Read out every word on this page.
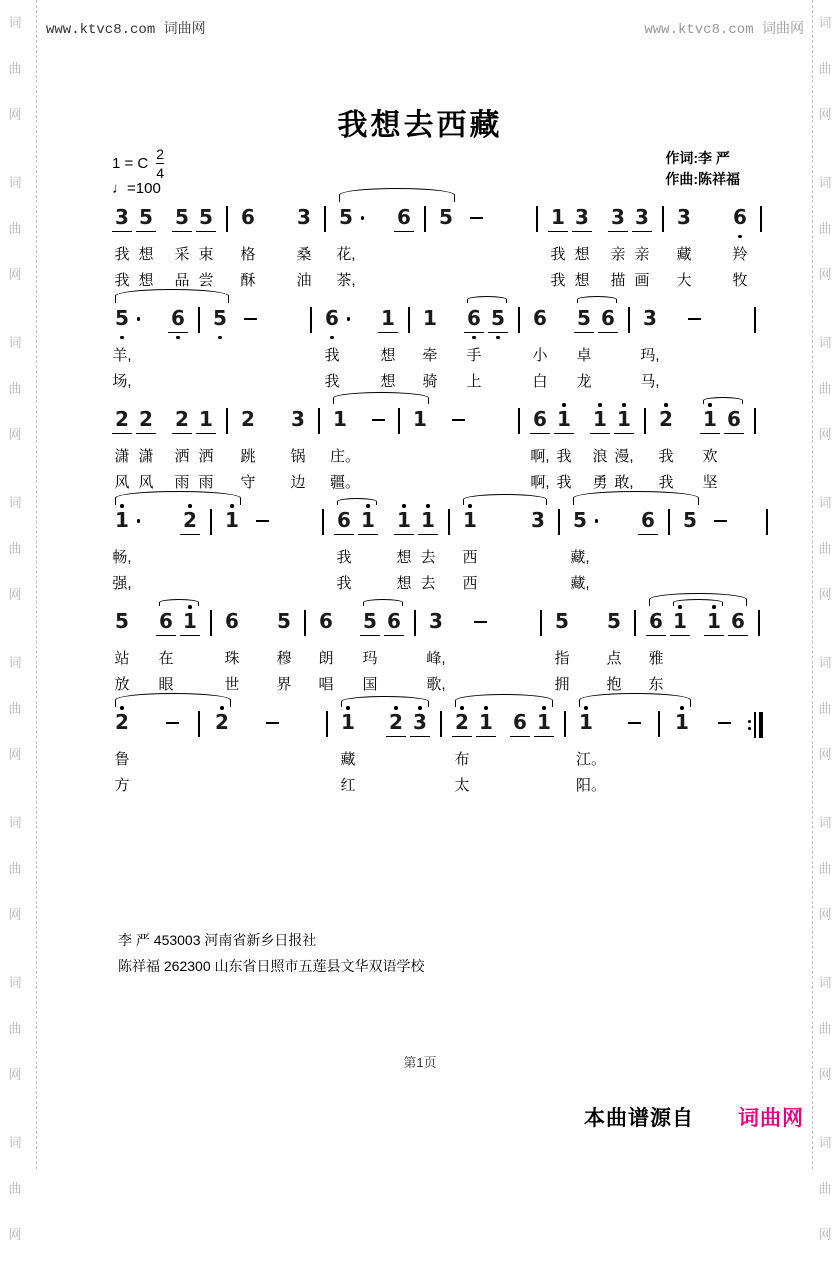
词
曲
网
词
曲
网
词
曲
网
词
曲
网
词
曲
网
词
曲
网
词
曲
网
词
曲
网
词
曲
网
词
曲
网
词
曲
网
词
曲
网
词
曲
网
词
曲
网
词
曲
网
词
曲
网
www.ktvc8.com 词曲网	www.ktvc8.com 词曲网
我想去西藏
1 = C $\frac{2}{4}$
♩=100
作词:李 严
作曲:陈祥福
3
我
我
5
想
想
5
采
品
5
束
尝
6
格
酥
3
桑
油
5
花,
茶,
6 5	1
我
我
3
想
想
3
亲
描
3
亲
画
3
藏
大
6
羚
牧
5
羊,
场,
6 5	6
我
我
1
想
想
1
牵
骑
6
手
上
5 6
小
白
5
卓
龙
6 3
玛,
马,
2
潇
风
2
潇
风
2
洒
雨
1
洒
雨
2
跳
守
3
锅
边
1
庄。
疆。
1	6
啊,
啊,
1
我
我
1
浪
勇
1
漫,
敢,
2
我
我
1
欢
坚
6
1
畅,
强,
2 1	6
我
我
1 1
想
想
1
去
去
1
西
西
3 5
藏,
藏,
6 5
5
站
放
6
在
眼
1 6
珠
世
5
穆
界
6
朗
唱
5
玛
国
6 3
峰,
歌,
5
指
拥
5
点
抱
6
雅
东
1 1 6
2
鲁
方
2	1
藏
红
2 3 2
布
太
1 6 1 1
江。
阳。
1
李 严 453003 河南省新乡日报社
陈祥福 262300 山东省日照市五莲县文华双语学校
第1页
本曲谱源自 词曲网
